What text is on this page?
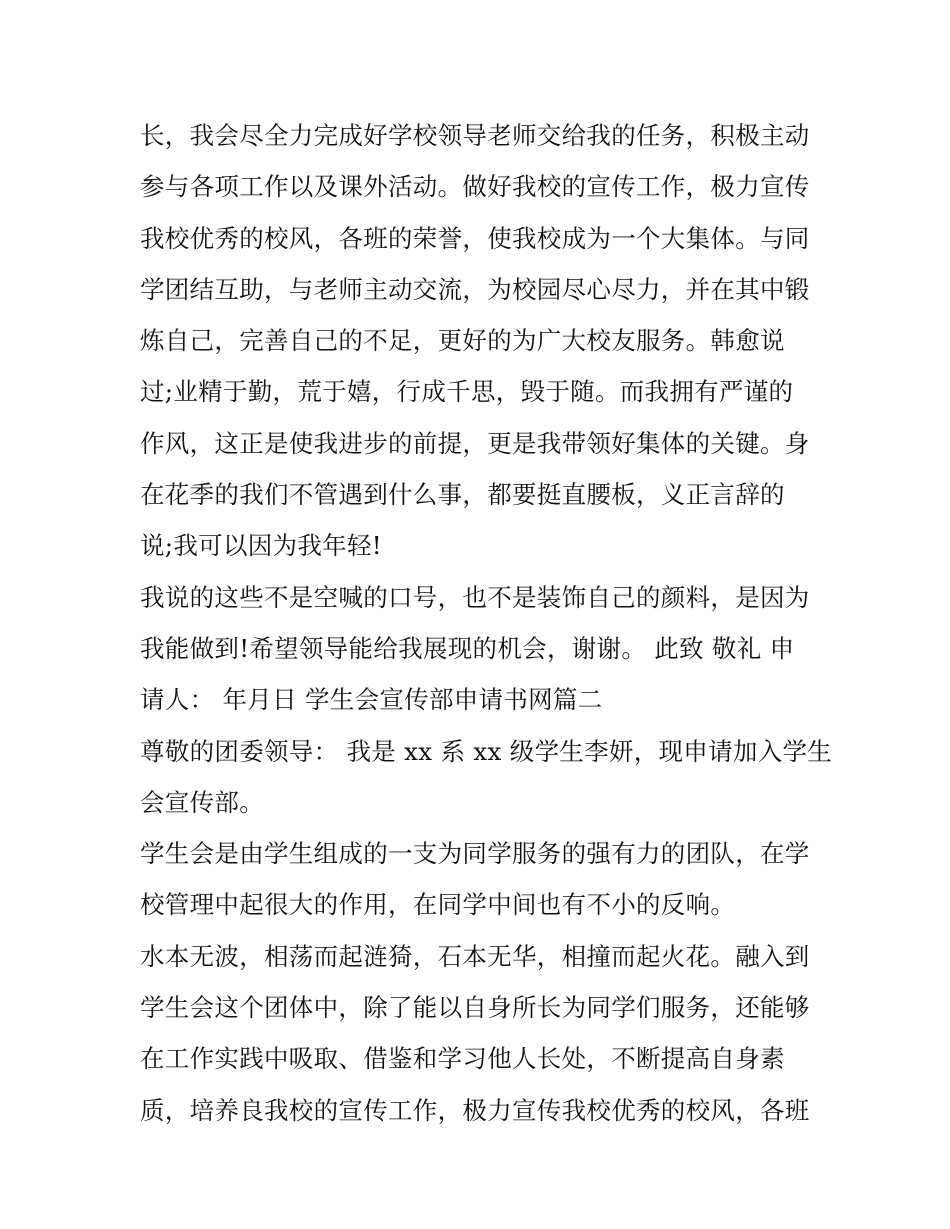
长，我会尽全力完成好学校领导老师交给我的任务，积极主动
参与各项工作以及课外活动。做好我校的宣传工作，极力宣传
我校优秀的校风，各班的荣誉，使我校成为一个大集体。与同
学团结互助，与老师主动交流，为校园尽心尽力，并在其中锻
炼自己，完善自己的不足，更好的为广大校友服务。韩愈说
过;业精于勤，荒于嬉，行成千思，毁于随。而我拥有严谨的
作风，这正是使我进步的前提，更是我带领好集体的关键。身
在花季的我们不管遇到什么事，都要挺直腰板，义正言辞的
说;我可以因为我年轻!
我说的这些不是空喊的口号，也不是装饰自己的颜料，是因为
我能做到!希望领导能给我展现的机会，谢谢。 此致 敬礼 申
请人： 年月日 学生会宣传部申请书网篇二
尊敬的团委领导： 我是 xx 系 xx 级学生李妍，现申请加入学生
会宣传部。
学生会是由学生组成的一支为同学服务的强有力的团队，在学
校管理中起很大的作用，在同学中间也有不小的反响。
水本无波，相荡而起涟猗，石本无华，相撞而起火花。融入到
学生会这个团体中，除了能以自身所长为同学们服务，还能够
在工作实践中吸取、借鉴和学习他人长处，不断提高自身素
质，培养良我校的宣传工作，极力宣传我校优秀的校风，各班
